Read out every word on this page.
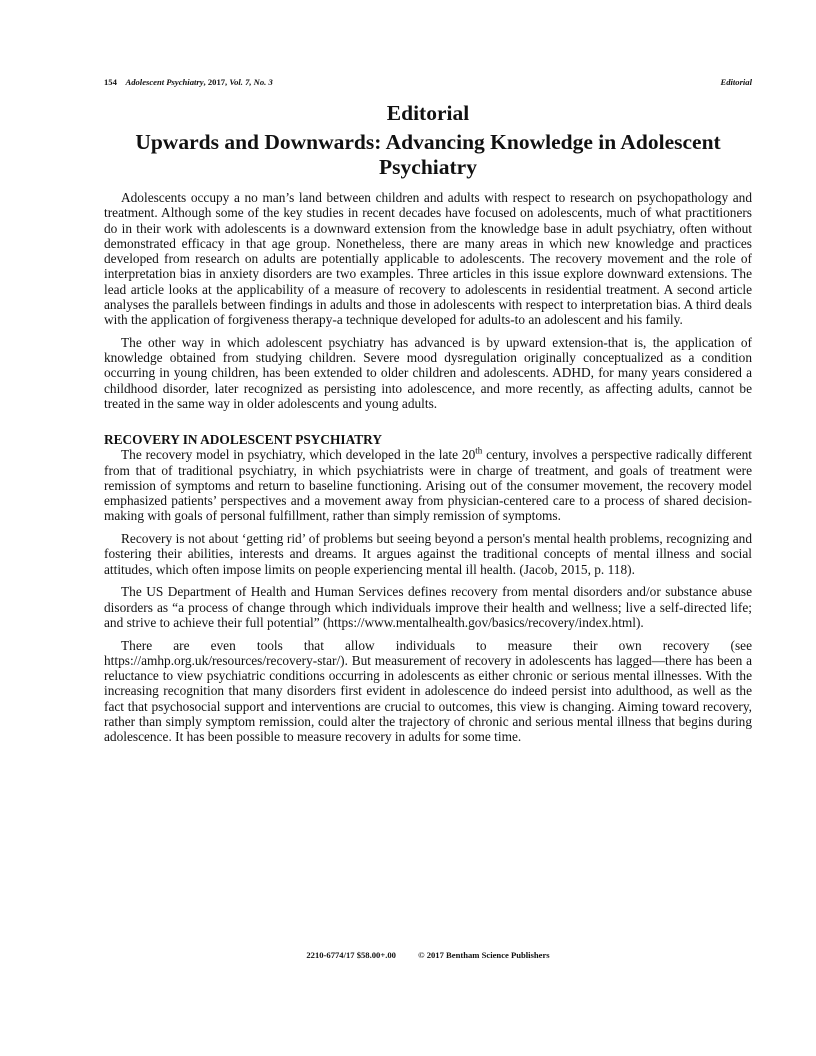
154 Adolescent Psychiatry, 2017, Vol. 7, No. 3	Editorial
Editorial
Upwards and Downwards: Advancing Knowledge in Adolescent Psychiatry

Adolescents occupy a no man’s land between children and adults with respect to research on psychopathology and treatment. Although some of the key studies in recent decades have focused on adolescents, much of what practitioners do in their work with adolescents is a downward extension from the knowledge base in adult psychiatry, often without demonstrated efficacy in that age group. Nonetheless, there are many areas in which new knowledge and practices developed from research on adults are potentially applicable to adolescents. The recovery movement and the role of interpretation bias in anxiety disorders are two examples. Three articles in this issue explore downward extensions. The lead article looks at the applicability of a measure of recovery to adolescents in residential treatment. A second article analyses the parallels between findings in adults and those in adolescents with respect to interpretation bias. A third deals with the application of forgiveness therapy-a technique developed for adults-to an adolescent and his family.

The other way in which adolescent psychiatry has advanced is by upward extension-that is, the application of knowledge obtained from studying children. Severe mood dysregulation originally conceptualized as a condition occurring in young children, has been extended to older children and adolescents. ADHD, for many years considered a childhood disorder, later recognized as persisting into adolescence, and more recently, as affecting adults, cannot be treated in the same way in older adolescents and young adults.

RECOVERY IN ADOLESCENT PSYCHIATRY

The recovery model in psychiatry, which developed in the late 20th century, involves a perspective radically different from that of traditional psychiatry, in which psychiatrists were in charge of treatment, and goals of treatment were remission of symptoms and return to baseline functioning. Arising out of the consumer movement, the recovery model emphasized patients’ perspectives and a movement away from physician-centered care to a process of shared decision-making with goals of personal fulfillment, rather than simply remission of symptoms.

Recovery is not about ‘getting rid’ of problems but seeing beyond a person's mental health problems, recognizing and fostering their abilities, interests and dreams. It argues against the traditional concepts of mental illness and social attitudes, which often impose limits on people experiencing mental ill health. (Jacob, 2015, p. 118).

The US Department of Health and Human Services defines recovery from mental disorders and/or substance abuse disorders as “a process of change through which individuals improve their health and wellness; live a self-directed life; and strive to achieve their full potential” (https://www.mentalhealth.gov/basics/recovery/index.html).

There are even tools that allow individuals to measure their own recovery (see https://amhp.org.uk/resources/recovery-star/). But measurement of recovery in adolescents has lagged—there has been a reluctance to view psychiatric conditions occurring in adolescents as either chronic or serious mental illnesses. With the increasing recognition that many disorders first evident in adolescence do indeed persist into adulthood, as well as the fact that psychosocial support and interventions are crucial to outcomes, this view is changing. Aiming toward recovery, rather than simply symptom remission, could alter the trajectory of chronic and serious mental illness that begins during adolescence. It has been possible to measure recovery in adults for some time.

2210-6774/17 $58.00+.00	© 2017 Bentham Science Publishers
